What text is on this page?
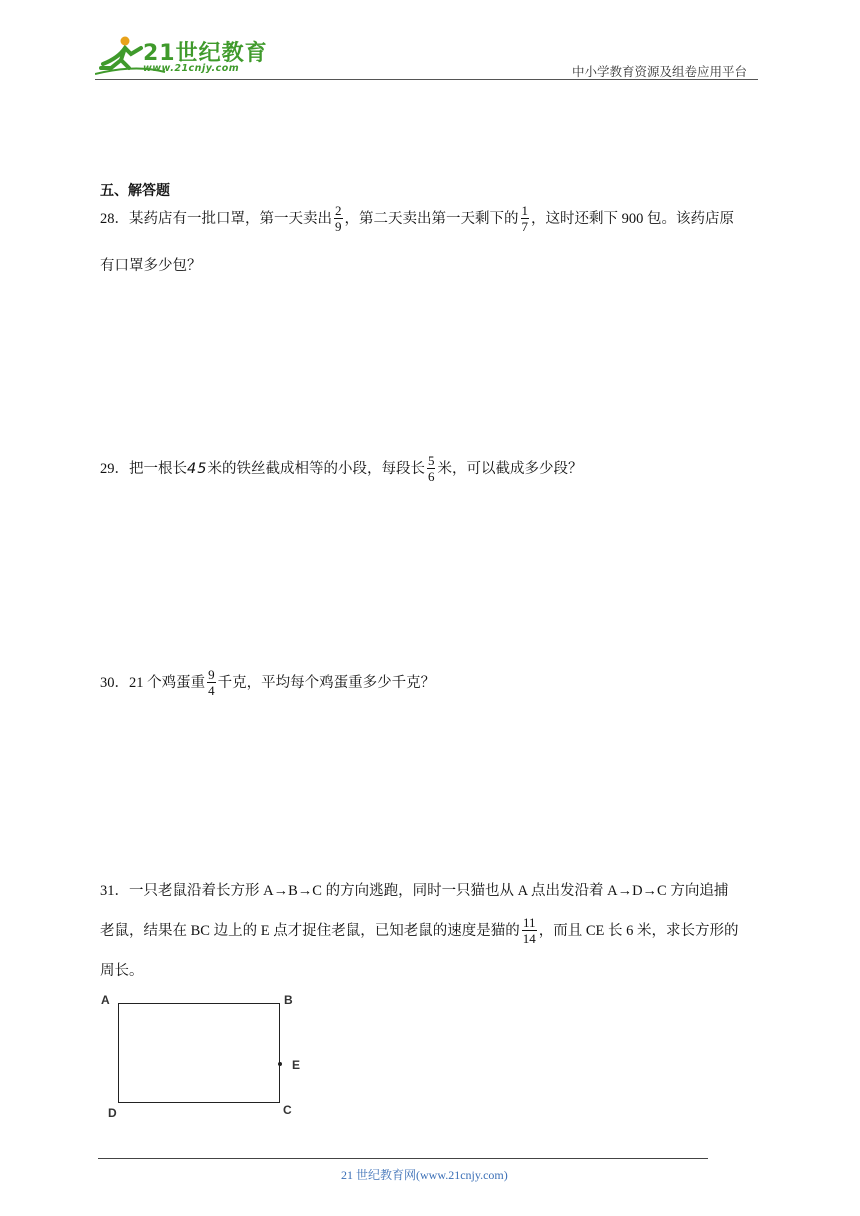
21世纪教育
www.21cnjy.com	中小学教育资源及组卷应用平台
五、解答题
28．某药店有一批口罩，第一天卖出 $\frac{2}{9}$ ，第二天卖出第一天剩下的 $\frac{1}{7}$ ，这时还剩下 900 包。该药店原
有口罩多少包？
29．把一根长45米的铁丝截成相等的小段，每段长 $\frac{5}{6}$ 米，可以截成多少段？
30．21 个鸡蛋重 $\frac{9}{4}$ 千克，平均每个鸡蛋重多少千克？
31．一只老鼠沿着长方形 A→B→C 的方向逃跑，同时一只猫也从 A 点出发沿着 A→D→C 方向追捕
老鼠，结果在 BC 边上的 E 点才捉住老鼠，已知老鼠的速度是猫的 $\frac{11}{14}$ ，而且 CE 长 6 米，求长方形的
周长。
A	B
C
D
E
21 世纪教育网(www.21cnjy.com)
